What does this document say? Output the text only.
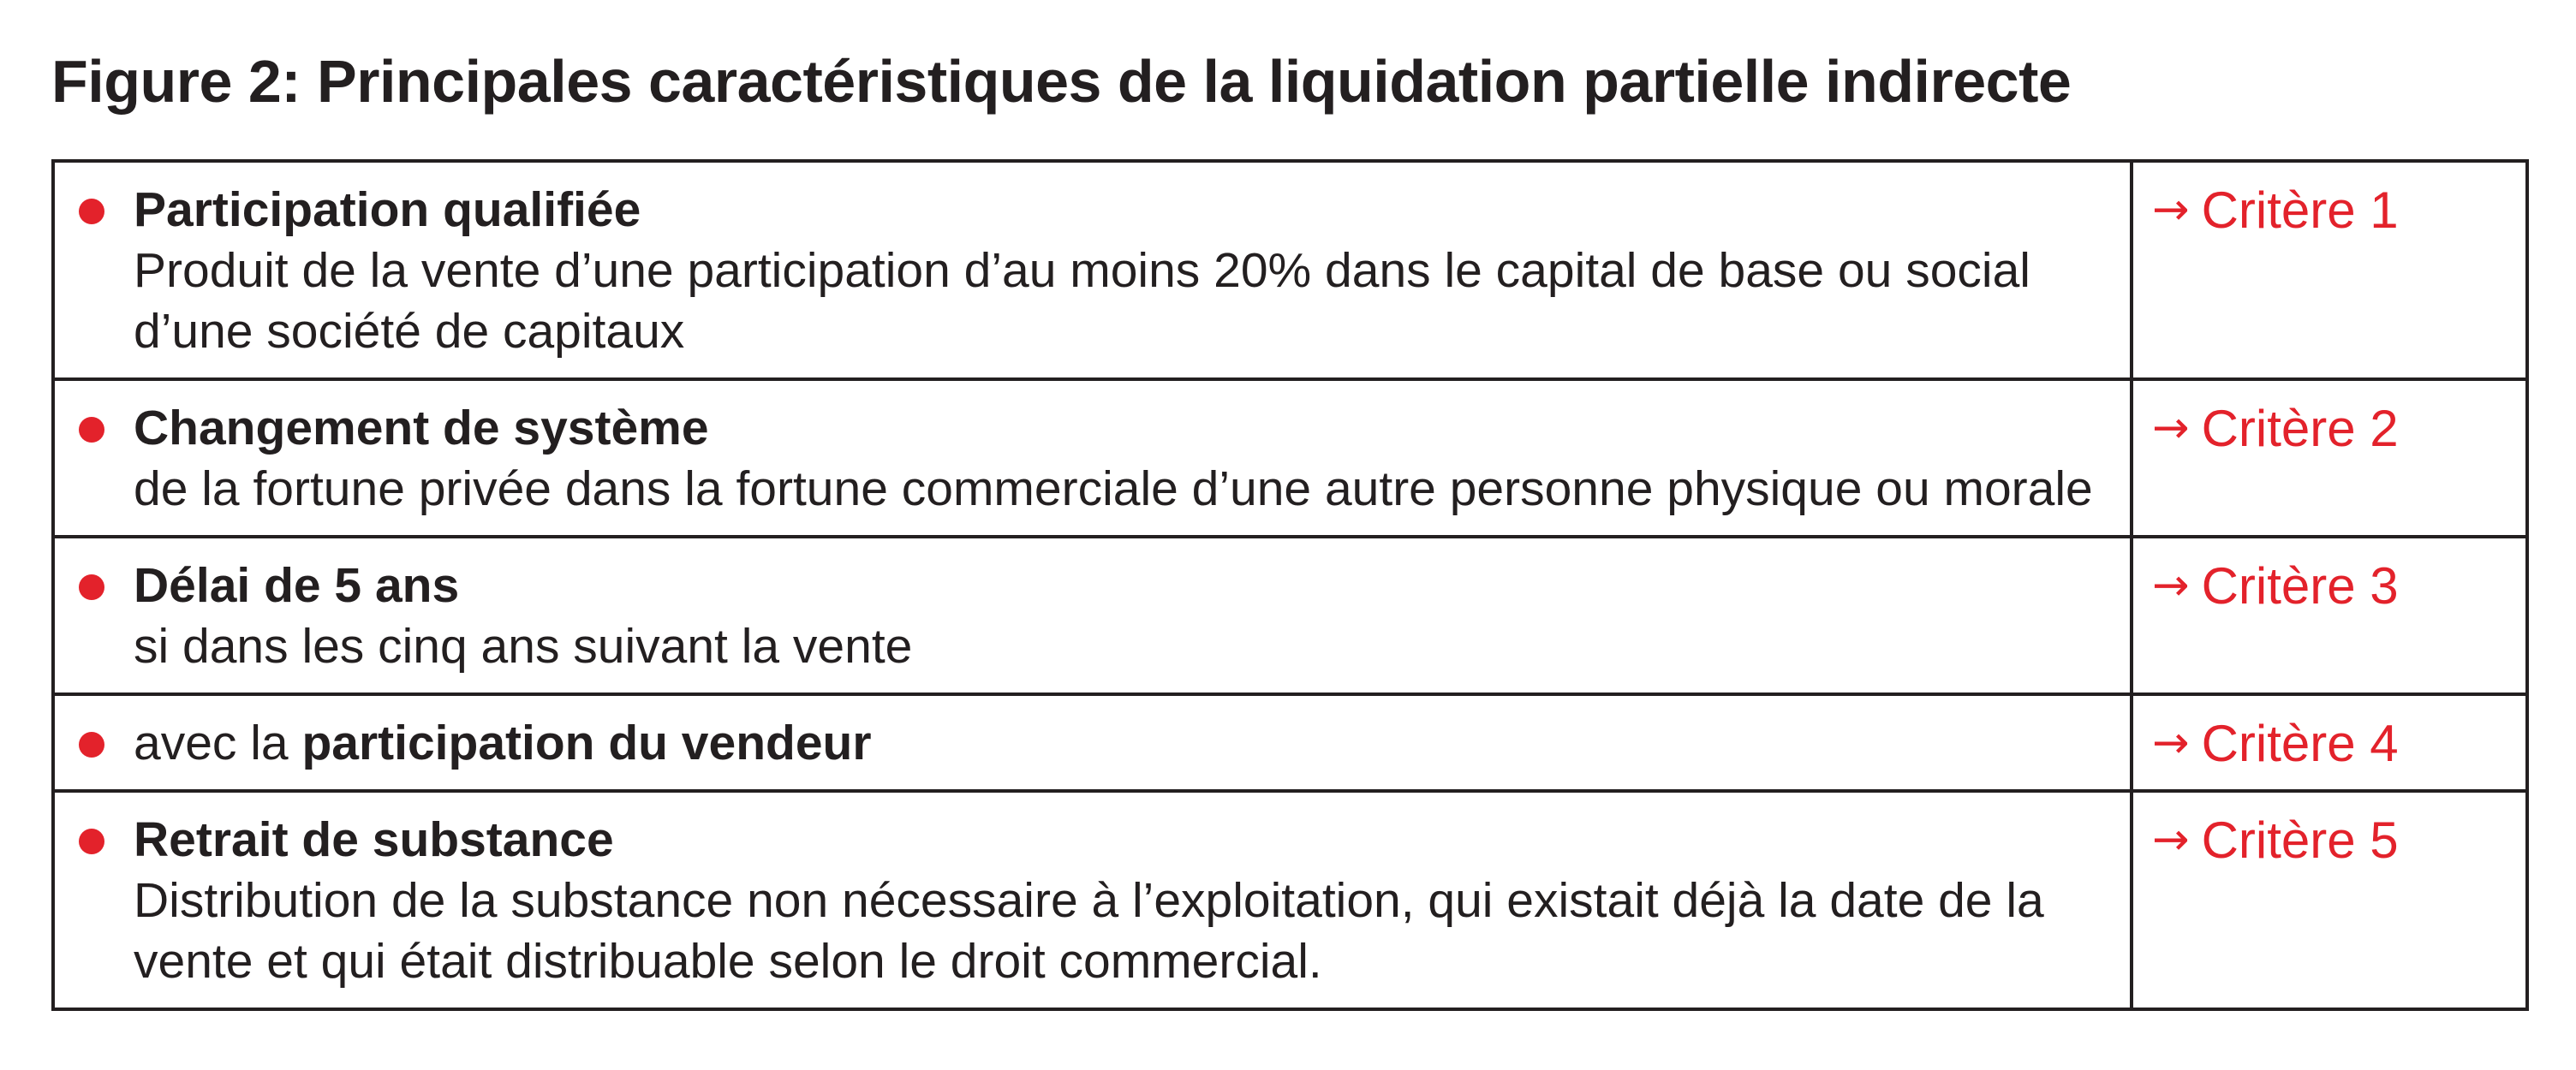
Figure 2: Principales caractéristiques de la liquidation partielle indirecte
Participation qualifiée
Produit de la vente d’une participation d’au moins 20% dans le capital de base ou social d’une société de capitaux	→ Critère 1

Changement de système
de la fortune privée dans la fortune commerciale d’une autre personne physique ou morale	→ Critère 2

Délai de 5 ans
si dans les cinq ans suivant la vente	→ Critère 3

avec la participation du vendeur	→ Critère 4

Retrait de substance
Distribution de la substance non nécessaire à l’exploitation, qui existait déjà la date de la vente et qui était distribuable selon le droit commercial.	→ Critère 5
